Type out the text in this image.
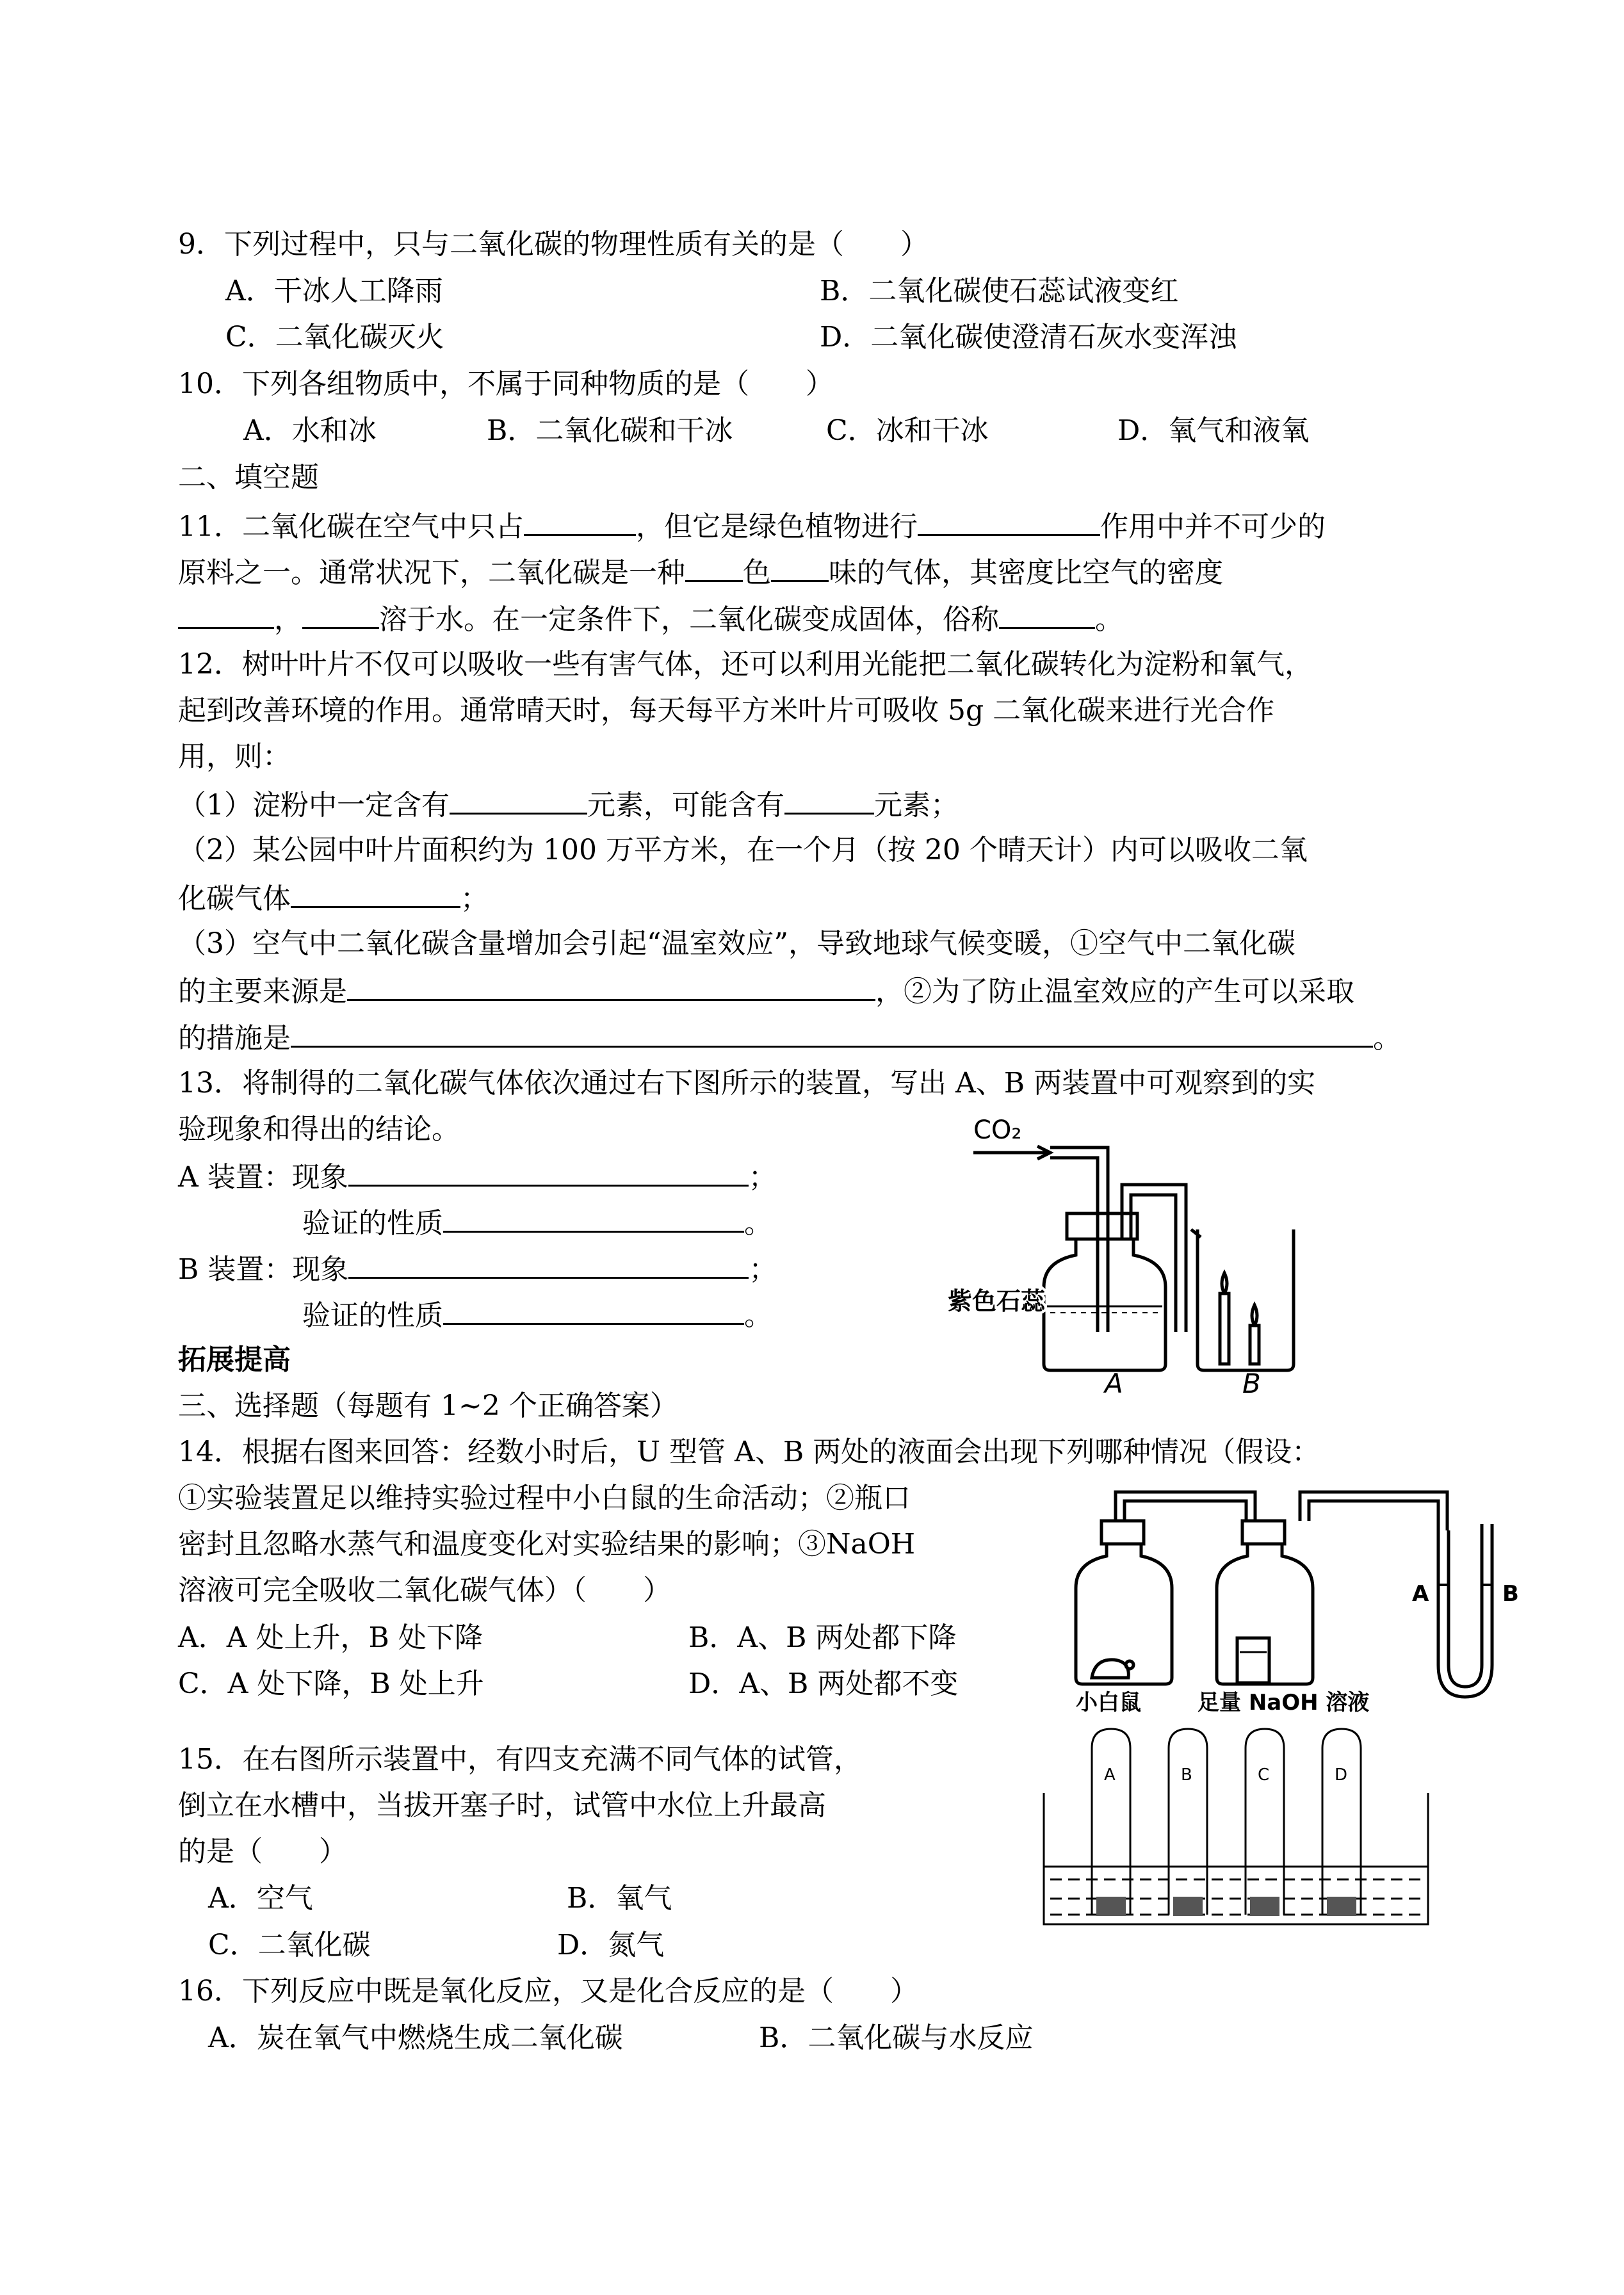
9．下列过程中，只与二氧化碳的物理性质有关的是（　　）
A．干冰人工降雨	B．二氧化碳使石蕊试液变红
C．二氧化碳灭火	D．二氧化碳使澄清石灰水变浑浊
10．下列各组物质中，不属于同种物质的是（　　）
A．水和冰	B．二氧化碳和干冰	C．冰和干冰	D．氧气和液氧
二、填空题
11．二氧化碳在空气中只占	，但它是绿色植物进行	作用中并不可少的
原料之一。通常状况下，二氧化碳是一种 色 味的气体，其密度比空气的密度
，	溶于水。在一定条件下，二氧化碳变成固体，俗称	。
12．树叶叶片不仅可以吸收一些有害气体，还可以利用光能把二氧化碳转化为淀粉和氧气，
起到改善环境的作用。通常晴天时，每天每平方米叶片可吸收 5g 二氧化碳来进行光合作
用，则：
（1）淀粉中一定含有	元素，可能含有	元素；
（2）某公园中叶片面积约为 100 万平方米，在一个月（按 20 个晴天计）内可以吸收二氧
化碳气体	；
（3）空气中二氧化碳含量增加会引起“温室效应”，导致地球气候变暖，①空气中二氧化碳
的主要来源是	，②为了防止温室效应的产生可以采取
的措施是	。
13．将制得的二氧化碳气体依次通过右下图所示的装置，写出 A、B 两装置中可观察到的实
验现象和得出的结论。
A 装置：现象	；
验证的性质	。
B 装置：现象	；
验证的性质	。
CO₂
紫色石蕊
A	B
拓展提高
三、选择题（每题有 1~2 个正确答案）
14．根据右图来回答：经数小时后，U 型管 A、B 两处的液面会出现下列哪种情况（假设：
①实验装置足以维持实验过程中小白鼠的生命活动；②瓶口
密封且忽略水蒸气和温度变化对实验结果的影响；③NaOH
溶液可完全吸收二氧化碳气体）（　　）
A．A 处上升，B 处下降	B．A、B 两处都下降
C．A 处下降，B 处上升	D．A、B 两处都不变
A	B
小白鼠	足量 NaOH 溶液
15．在右图所示装置中，有四支充满不同气体的试管，
倒立在水槽中，当拔开塞子时，试管中水位上升最高
的是（　　）
A．空气	B．氧气
C．二氧化碳	D．氮气
A	B	C	D
16．下列反应中既是氧化反应，又是化合反应的是（　　）
A．炭在氧气中燃烧生成二氧化碳	B．二氧化碳与水反应
